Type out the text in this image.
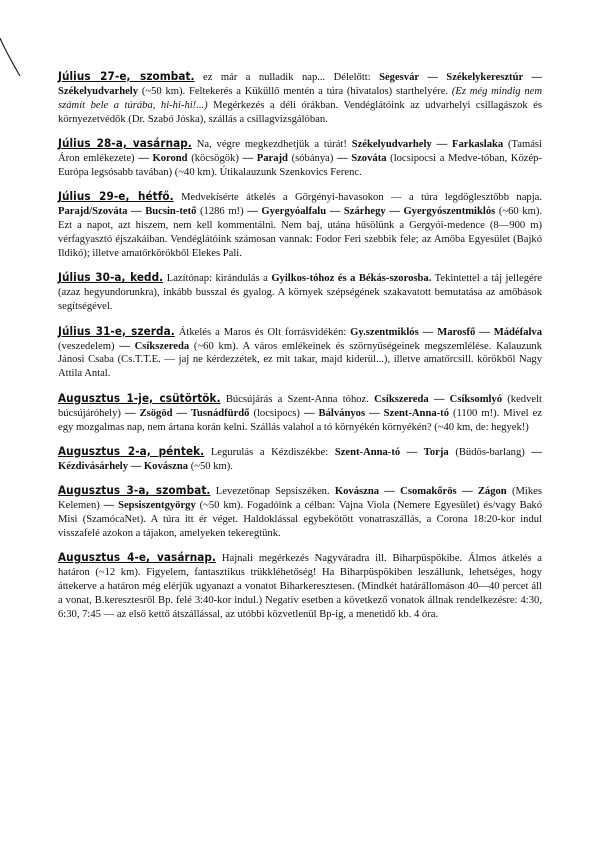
Július 27-e, szombat. ez már a nulladik nap... Délelőtt: Segesvár — Székelykeresztúr — Székelyudvarhely (~50 km). Feltekerés a Küküllő mentén a túra (hivatalos) starthelyére. (Ez még mindig nem számít bele a túrába, hi-hi-hi!...) Megérkezés a déli órákban. Vendéglátóink az udvarhelyi csillagászok és környezetvédők (Dr. Szabó Jóska), szállás a csillagvizsgálóban.

Július 28-a, vasárnap. Na, végre megkezdhetjük a túrát! Székelyudvarhely — Farkaslaka (Tamási Áron emlékezete) — Korond (köcsögök) — Parajd (sóbánya) — Szováta (locsipocsi a Medve-tóban, Közép-Európa legsósabb tavában) (~40 km). Útikalauzunk Szenkovics Ferenc.

Július 29-e, hétfő. Medvekísérte átkelés a Görgényi-havasokon — a túra legdöglesztőbb napja. Parajd/Szováta — Bucsin-tető (1286 m!) — Gyergyóalfalu — Szárhegy — Gyergyószentmiklós (~60 km). Ezt a napot, azt hiszem, nem kell kommentálni. Nem baj, utána hűsölünk a Gergyói-medence (8—900 m) vérfagyasztó éjszakáiban. Vendéglátóink számosan vannak: Fodor Feri szebbik fele; az Amőba Egyesület (Bajkó Ildikó); illetve amatőrkörökből Elekes Pali.

Július 30-a, kedd. Lazítónap: kirándulás a Gyilkos-tóhoz és a Békás-szorosba. Tekintettel a táj jellegére (azaz hegyundorunkra), inkább busszal és gyalog. A környek szépségének szakavatott bemutatása az amőbások segítségével.

Július 31-e, szerda. Átkelés a Maros és Olt forrásvidékén: Gy.szentmiklós — Marosfő — Mádéfalva (veszedelem) — Csíkszereda (~60 km). A város emlékeinek és szörnyűségeinek megszemlélése. Kalauzunk Jánosi Csaba (Cs.T.T.E. — jaj ne kérdezzétek, ez mit takar, majd kiderül...), illetve amatőrcsill. körökből Nagy Attila Antal.

Augusztus 1-je, csütörtök. Búcsújárás a Szent-Anna tóhoz. Csíkszereda — Csíksomlyó (kedvelt búcsújáróhely) — Zsögöd — Tusnádfürdő (locsipocs) — Bálványos — Szent-Anna-tó (1100 m!). Mivel ez egy mozgalmas nap, nem ártana korán kelni. Szállás valahol a tó környékén környékén? (~40 km, de: hegyek!)

Augusztus 2-a, péntek. Legurulás a Kézdiszékbe: Szent-Anna-tó — Torja (Büdös-barlang) — Kézdivásárhely — Kovászna (~50 km).

Augusztus 3-a, szombat. Levezetőnap Sepsiszéken. Kovászna — Csomakőrös — Zágon (Mikes Kelemen) — Sepsiszentgyörgy (~50 km). Fogadóink a célban: Vajna Viola (Nemere Egyesület) és/vagy Bakó Misi (SzamócaNet). A túra itt ér véget. Haldoklással egybekötött vonatraszállás, a Corona 18:20-kor indul visszafelé azokon a tájakon, amelyeken tekeregtünk.

Augusztus 4-e, vasárnap. Hajnali megérkezés Nagyváradra ill. Biharpüspökibe. Álmos átkelés a határon (~12 km). Figyelem, fantasztikus trükkléhetőség! Ha Biharpüspökiben leszállunk, lehetséges, hogy áttekerve a határon még elérjük ugyanazt a vonatot Biharkeresztesen. (Mindkét határállomáson 40—40 percet áll a vonat, B.keresztesről Bp. felé 3:40-kor indul.) Negatív esetben a következő vonatok állnak rendelkezésre: 4:30, 6:30, 7:45 — az első kettő átszállással, az utóbbi közvetlenül Bp-ig, a menetidő kb. 4 óra.
